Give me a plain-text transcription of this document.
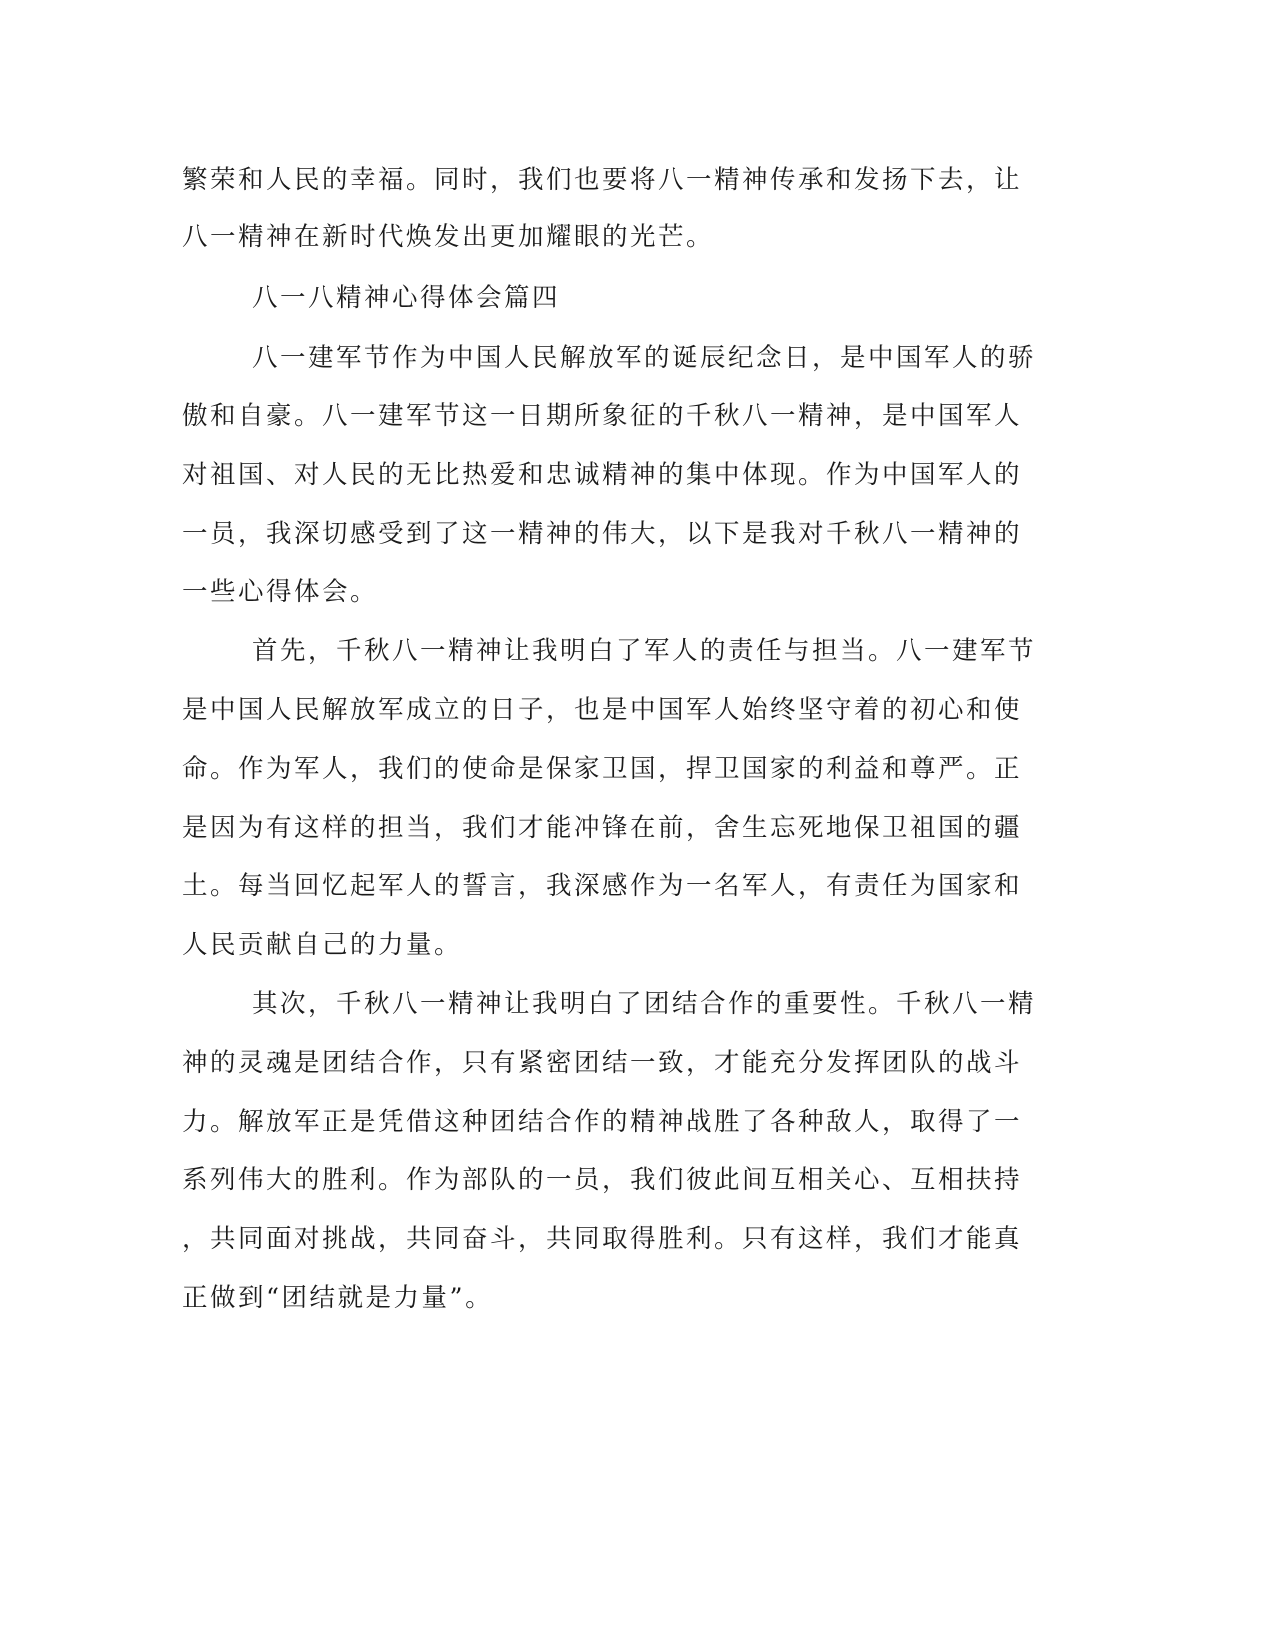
繁荣和人民的幸福。同时，我们也要将八一精神传承和发扬下去，让
八一精神在新时代焕发出更加耀眼的光芒。
八一八精神心得体会篇四
八一建军节作为中国人民解放军的诞辰纪念日，是中国军人的骄
傲和自豪。八一建军节这一日期所象征的千秋八一精神，是中国军人
对祖国、对人民的无比热爱和忠诚精神的集中体现。作为中国军人的
一员，我深切感受到了这一精神的伟大，以下是我对千秋八一精神的
一些心得体会。
首先，千秋八一精神让我明白了军人的责任与担当。八一建军节
是中国人民解放军成立的日子，也是中国军人始终坚守着的初心和使
命。作为军人，我们的使命是保家卫国，捍卫国家的利益和尊严。正
是因为有这样的担当，我们才能冲锋在前，舍生忘死地保卫祖国的疆
土。每当回忆起军人的誓言，我深感作为一名军人，有责任为国家和
人民贡献自己的力量。
其次，千秋八一精神让我明白了团结合作的重要性。千秋八一精
神的灵魂是团结合作，只有紧密团结一致，才能充分发挥团队的战斗
力。解放军正是凭借这种团结合作的精神战胜了各种敌人，取得了一
系列伟大的胜利。作为部队的一员，我们彼此间互相关心、互相扶持
，共同面对挑战，共同奋斗，共同取得胜利。只有这样，我们才能真
正做到“团结就是力量”。
